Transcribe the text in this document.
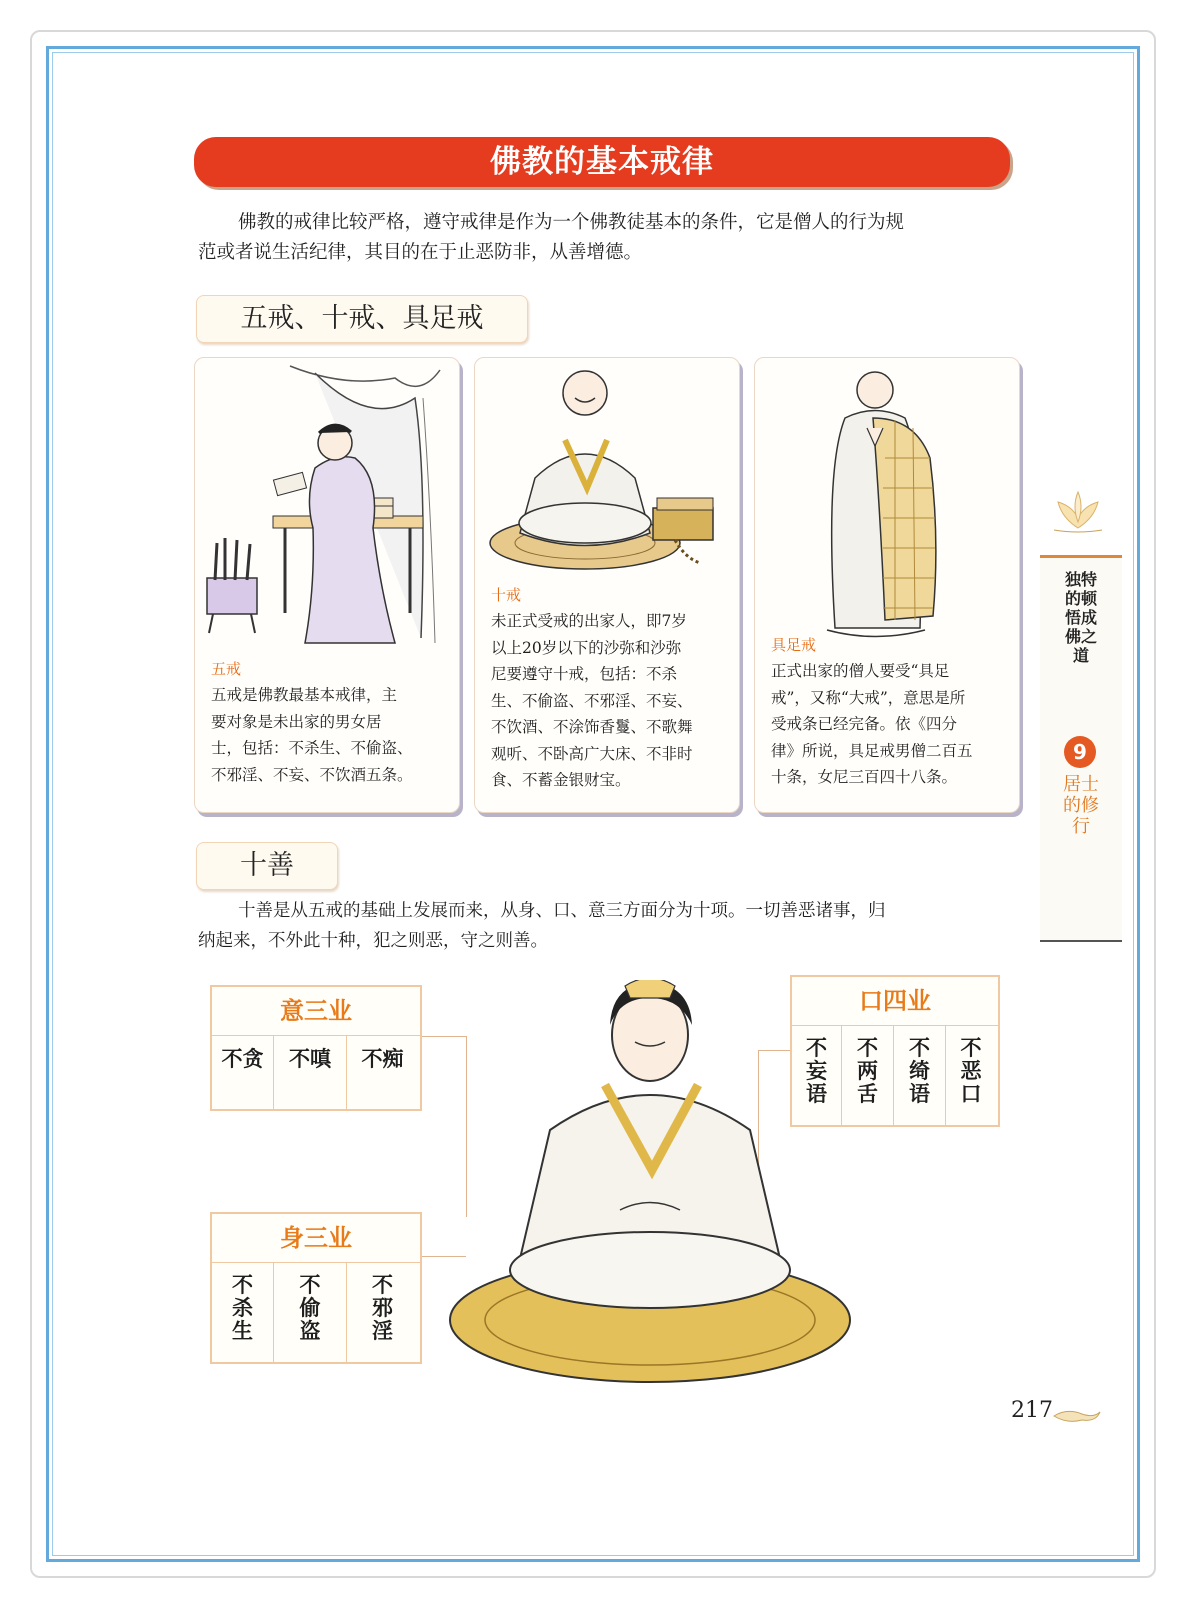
佛教的基本戒律
佛教的戒律比较严格，遵守戒律是作为一个佛教徒基本的条件，它是僧人的行为规
范或者说生活纪律，其目的在于止恶防非，从善增德。
五戒、十戒、具足戒
五戒
五戒是佛教最基本戒律，主
要对象是未出家的男女居
士，包括：不杀生、不偷盗、
不邪淫、不妄、不饮酒五条。
十戒
未正式受戒的出家人，即7岁
以上20岁以下的沙弥和沙弥
尼要遵守十戒，包括：不杀
生、不偷盗、不邪淫、不妄、
不饮酒、不涂饰香鬘、不歌舞
观听、不卧高广大床、不非时
食、不蓄金银财宝。
具足戒
正式出家的僧人要受“具足
戒”，又称“大戒”，意思是所
受戒条已经完备。依《四分
律》所说，具足戒男僧二百五
十条，女尼三百四十八条。
独特的顿悟成佛之道
9
居士的修行
十善
十善是从五戒的基础上发展而来，从身、口、意三方面分为十项。一切善恶诸事，归
纳起来，不外此十种，犯之则恶，守之则善。
意三业
不贪	不嗔	不痴
口四业
不妄语
不两舌
不绮语
不恶口
身三业
不杀生
不偷盗
不邪淫
217
